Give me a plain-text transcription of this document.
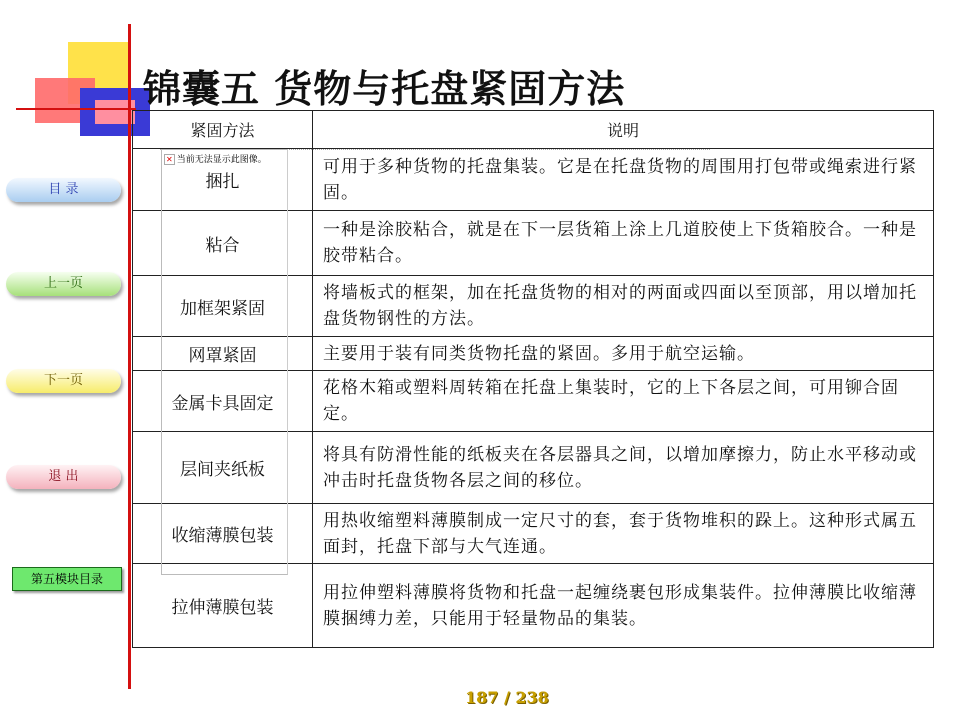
锦囊五 货物与托盘紧固方法
目 录
上一页
下一页
退 出
第五模块目录
紧固方法	说明
捆扎	可用于多种货物的托盘集装。它是在托盘货物的周围用打包带或绳索进行紧固。
粘合	一种是涂胶粘合，就是在下一层货箱上涂上几道胶使上下货箱胶合。一种是胶带粘合。
加框架紧固	将墙板式的框架，加在托盘货物的相对的两面或四面以至顶部，用以增加托盘货物钢性的方法。
网罩紧固	主要用于装有同类货物托盘的紧固。多用于航空运输。
金属卡具固定	花格木箱或塑料周转箱在托盘上集装时，它的上下各层之间，可用铆合固定。
层间夹纸板	将具有防滑性能的纸板夹在各层器具之间，以增加摩擦力，防止水平移动或冲击时托盘货物各层之间的移位。
收缩薄膜包装	用热收缩塑料薄膜制成一定尺寸的套，套于货物堆积的跺上。这种形式属五面封，托盘下部与大气连通。
拉伸薄膜包装	用拉伸塑料薄膜将货物和托盘一起缠绕裹包形成集装件。拉伸薄膜比收缩薄膜捆缚力差，只能用于轻量物品的集装。
✕ 当前无法显示此图像。
187 / 238
